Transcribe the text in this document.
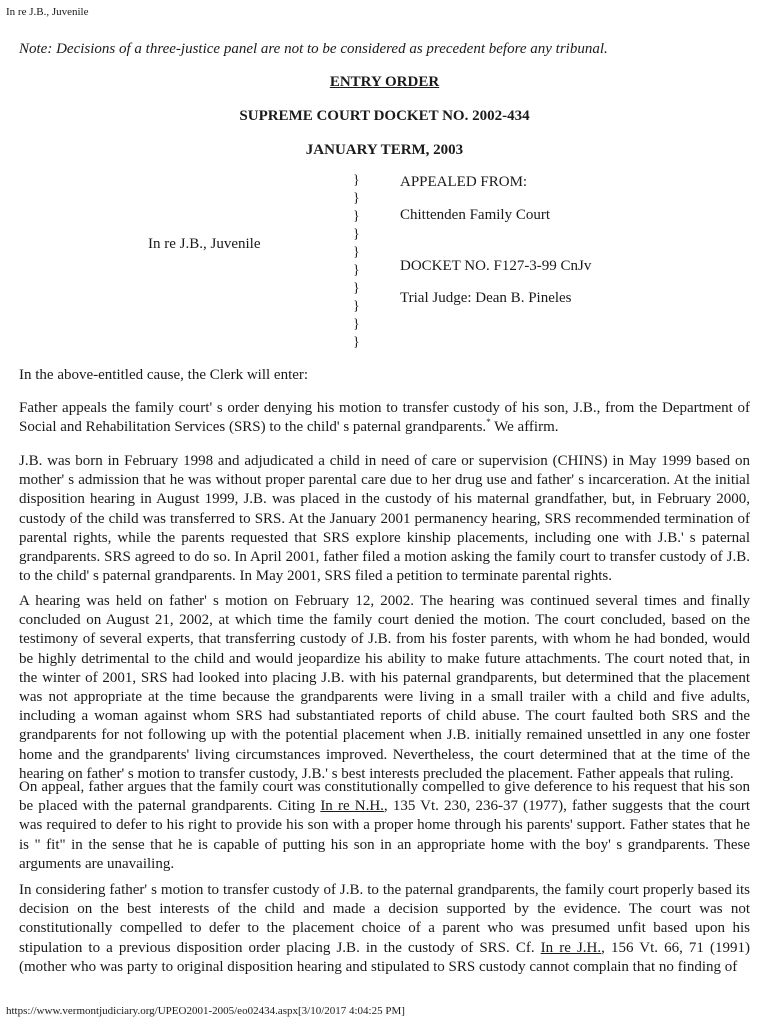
In re J.B., Juvenile
Note: Decisions of a three-justice panel are not to be considered as precedent before any tribunal.
ENTRY ORDER
SUPREME COURT DOCKET NO. 2002-434
JANUARY TERM, 2003
}
}
}
}
}
}
}
}
}
}
In re J.B., Juvenile
APPEALED FROM:
Chittenden Family Court
DOCKET NO. F127-3-99 CnJv
Trial Judge: Dean B. Pineles

In the above-entitled cause, the Clerk will enter:

Father appeals the family court' s order denying his motion to transfer custody of his son, J.B., from the Department of Social and Rehabilitation Services (SRS) to the child' s paternal grandparents.* We affirm.

J.B. was born in February 1998 and adjudicated a child in need of care or supervision (CHINS) in May 1999 based on mother' s admission that he was without proper parental care due to her drug use and father' s incarceration. At the initial disposition hearing in August 1999, J.B. was placed in the custody of his maternal grandfather, but, in February 2000, custody of the child was transferred to SRS. At the January 2001 permanency hearing, SRS recommended termination of parental rights, while the parents requested that SRS explore kinship placements, including one with J.B.' s paternal grandparents. SRS agreed to do so. In April 2001, father filed a motion asking the family court to transfer custody of J.B. to the child' s paternal grandparents. In May 2001, SRS filed a petition to terminate parental rights.

A hearing was held on father' s motion on February 12, 2002. The hearing was continued several times and finally concluded on August 21, 2002, at which time the family court denied the motion. The court concluded, based on the testimony of several experts, that transferring custody of J.B. from his foster parents, with whom he had bonded, would be highly detrimental to the child and would jeopardize his ability to make future attachments. The court noted that, in the winter of 2001, SRS had looked into placing J.B. with his paternal grandparents, but determined that the placement was not appropriate at the time because the grandparents were living in a small trailer with a child and five adults, including a woman against whom SRS had substantiated reports of child abuse. The court faulted both SRS and the grandparents for not following up with the potential placement when J.B. initially remained unsettled in any one foster home and the grandparents' living circumstances improved. Nevertheless, the court determined that at the time of the hearing on father' s motion to transfer custody, J.B.' s best interests precluded the placement. Father appeals that ruling.

On appeal, father argues that the family court was constitutionally compelled to give deference to his request that his son be placed with the paternal grandparents. Citing In re N.H., 135 Vt. 230, 236-37 (1977), father suggests that the court was required to defer to his right to provide his son with a proper home through his parents' support. Father states that he is " fit" in the sense that he is capable of putting his son in an appropriate home with the boy' s grandparents. These arguments are unavailing.

In considering father' s motion to transfer custody of J.B. to the paternal grandparents, the family court properly based its decision on the best interests of the child and made a decision supported by the evidence. The court was not constitutionally compelled to defer to the placement choice of a parent who was presumed unfit based upon his stipulation to a previous disposition order placing J.B. in the custody of SRS. Cf. In re J.H., 156 Vt. 66, 71 (1991) (mother who was party to original disposition hearing and stipulated to SRS custody cannot complain that no finding of

https://www.vermontjudiciary.org/UPEO2001-2005/eo02434.aspx[3/10/2017 4:04:25 PM]
